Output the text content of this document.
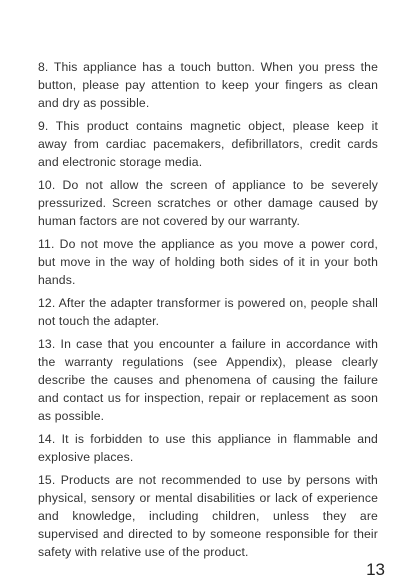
8. This appliance has a touch button. When you press the button, please pay attention to keep your fingers as clean and dry as possible.

9. This product contains magnetic object, please keep it away from cardiac pacemakers, defibrillators, credit cards and electronic storage media.

10. Do not allow the screen of appliance to be severely pressurized. Screen scratches or other damage caused by human factors are not covered by our warranty.

11. Do not move the appliance as you move a power cord, but move in the way of holding both sides of it in your both hands.

12. After the adapter transformer is powered on, people shall not touch the adapter.

13. In case that you encounter a failure in accordance with the warranty regulations (see Appendix), please clearly describe the causes and phenomena of causing the failure and contact us for inspection, repair or replacement as soon as possible.

14. It is forbidden to use this appliance in flammable and explosive places.

15. Products are not recommended to use by persons with physical, sensory or mental disabilities or lack of experience and knowledge, including children, unless they are supervised and directed to by someone responsible for their safety with relative use of the product.

13
